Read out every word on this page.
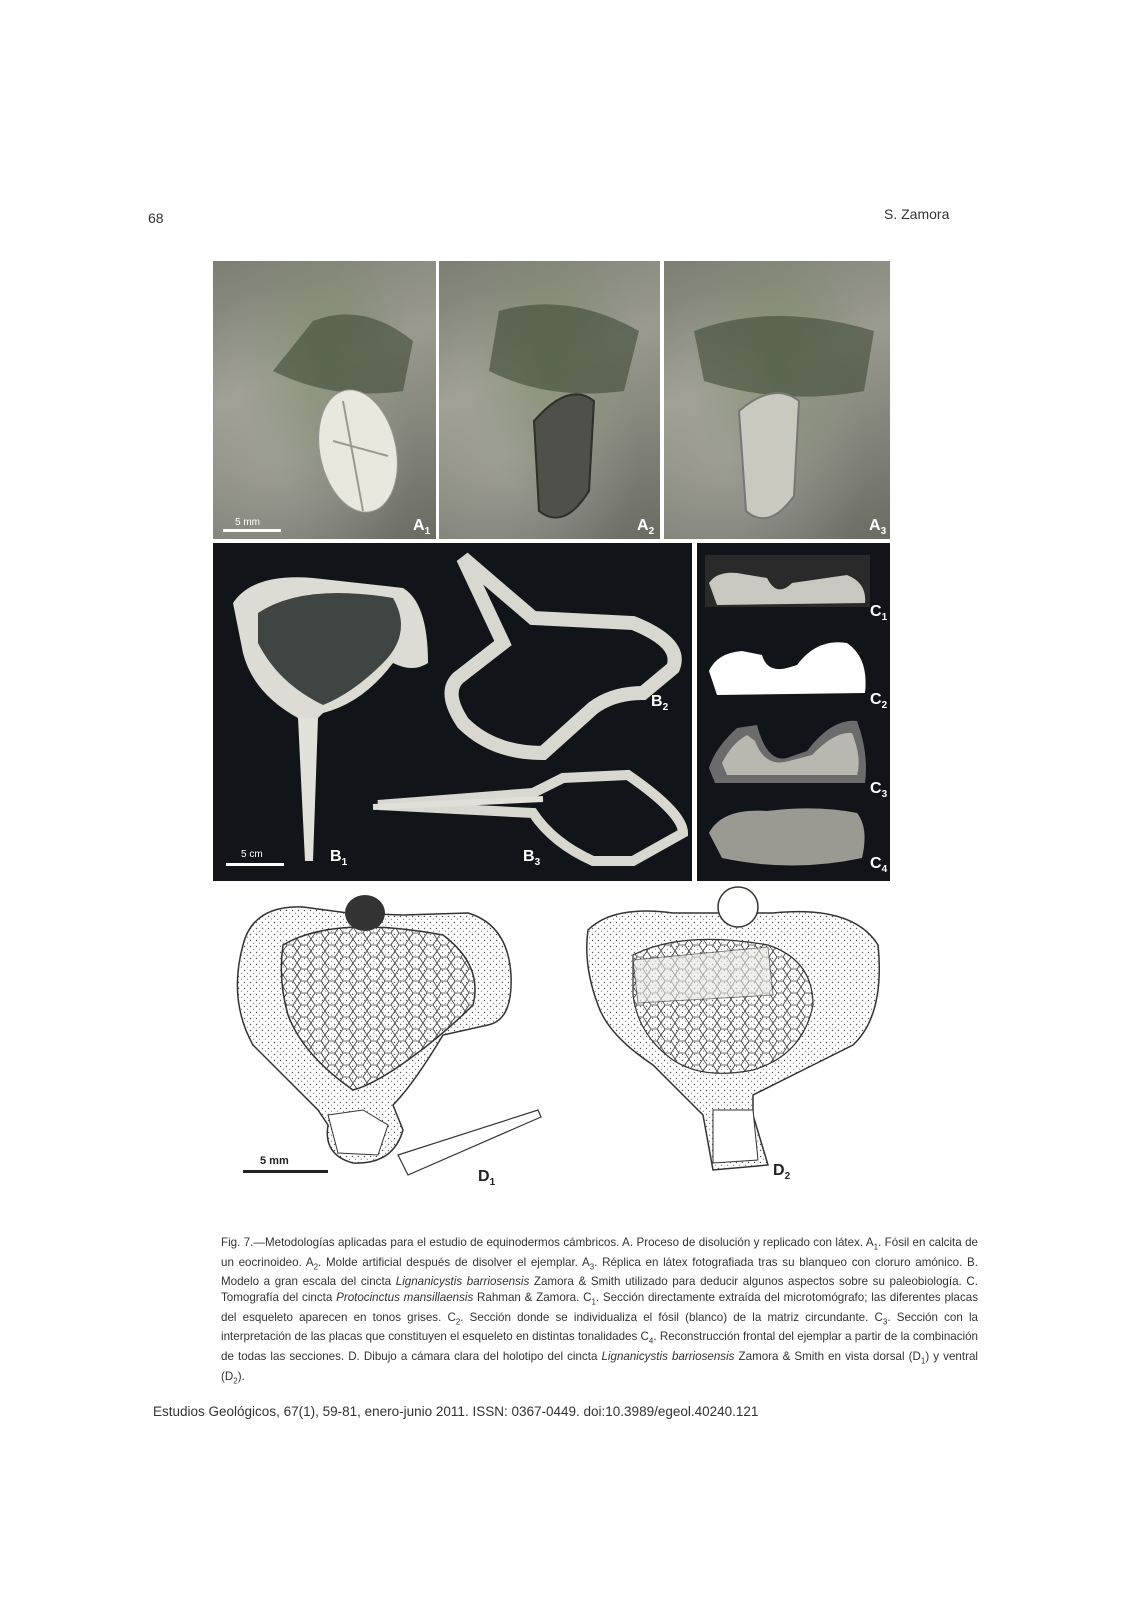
68	S. Zamora
5 mm	$A_1$	$A_2$	$A_3$
5 cm	$B_1$
$B_2$
$B_3$
$C_1$
$C_2$
$C_3$
$C_4$
5 mm
$D_1$
$D_2$
Fig. 7.—Metodologías aplicadas para el estudio de equinodermos cámbricos. A. Proceso de disolución y replicado con látex. $A_1$. Fósil en calcita de un eocrinoideo. $A_2$. Molde artificial después de disolver el ejemplar. $A_3$. Réplica en látex fotografiada tras su blanqueo con cloruro amónico. B. Modelo a gran escala del cincta Lignanicystis barriosensis Zamora & Smith utilizado para deducir algunos aspectos sobre su paleobiología. C. Tomografía del cincta Protocinctus mansillaensis Rahman & Zamora. $C_1$. Sección directamente extraída del microtomógrafo; las diferentes placas del esqueleto aparecen en tonos grises. $C_2$. Sección donde se individualiza el fósil (blanco) de la matriz circundante. $C_3$. Sección con la interpretación de las placas que constituyen el esqueleto en distintas tonalidades $C_4$. Reconstrucción frontal del ejemplar a partir de la combinación de todas las secciones. D. Dibujo a cámara clara del holotipo del cincta Lignanicystis barriosensis Zamora & Smith en vista dorsal $(D_1)$ y ventral $(D_2)$.
Estudios Geológicos, 67(1), 59-81, enero-junio 2011. ISSN: 0367-0449. doi:10.3989/egeol.40240.121
